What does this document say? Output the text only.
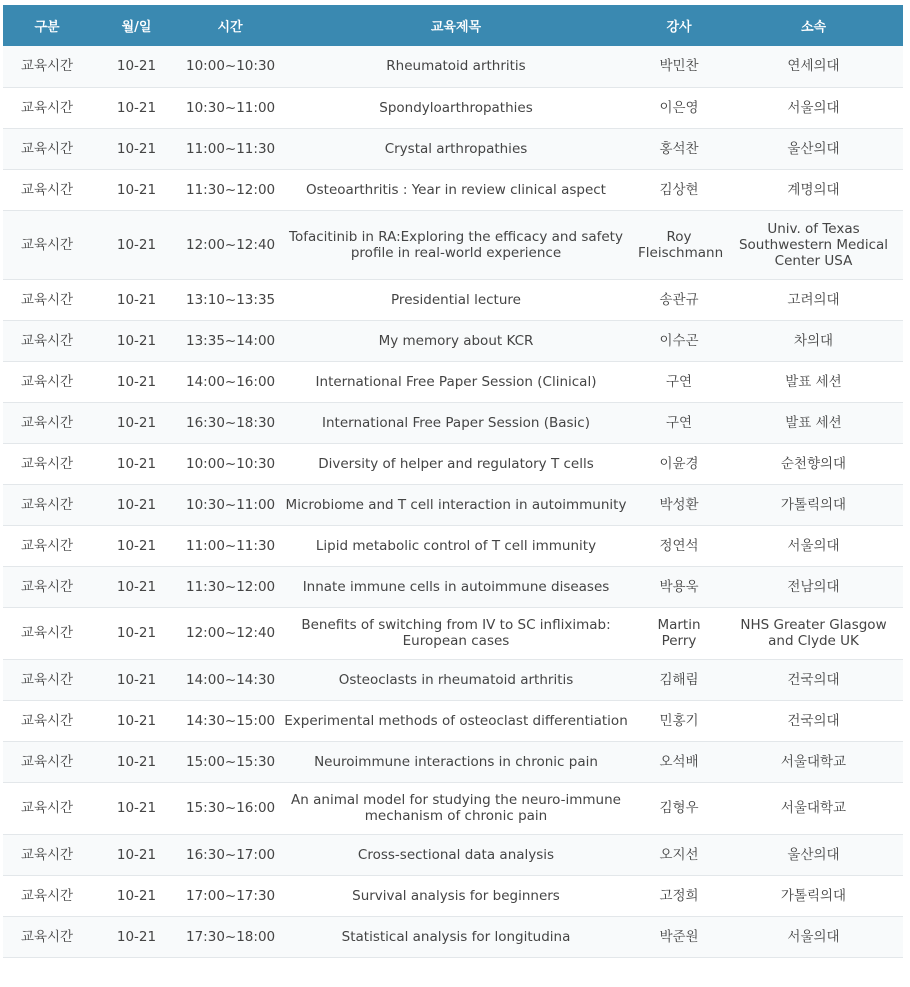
구분	월/일	시간	교육제목	강사	소속
교육시간	10-21	10:00~10:30	Rheumatoid arthritis	박민찬	연세의대
교육시간	10-21	10:30~11:00	Spondyloarthropathies	이은영	서울의대
교육시간	10-21	11:00~11:30	Crystal arthropathies	홍석찬	울산의대
교육시간	10-21	11:30~12:00	Osteoarthritis : Year in review clinical aspect	김상현	계명의대
교육시간	10-21	12:00~12:40	Tofacitinib in RA:Exploring the efficacy and safety profile in real-world experience	Roy Fleischmann	Univ. of Texas Southwestern Medical Center USA
교육시간	10-21	13:10~13:35	Presidential lecture	송관규	고려의대
교육시간	10-21	13:35~14:00	My memory about KCR	이수곤	차의대
교육시간	10-21	14:00~16:00	International Free Paper Session (Clinical)	구연	발표 세션
교육시간	10-21	16:30~18:30	International Free Paper Session (Basic)	구연	발표 세션
교육시간	10-21	10:00~10:30	Diversity of helper and regulatory T cells	이윤경	순천향의대
교육시간	10-21	10:30~11:00	Microbiome and T cell interaction in autoimmunity	박성환	가톨릭의대
교육시간	10-21	11:00~11:30	Lipid metabolic control of T cell immunity	정연석	서울의대
교육시간	10-21	11:30~12:00	Innate immune cells in autoimmune diseases	박용욱	전남의대
교육시간	10-21	12:00~12:40	Benefits of switching from IV to SC infliximab: European cases	Martin Perry	NHS Greater Glasgow and Clyde UK
교육시간	10-21	14:00~14:30	Osteoclasts in rheumatoid arthritis	김해림	건국의대
교육시간	10-21	14:30~15:00	Experimental methods of osteoclast differentiation	민홍기	건국의대
교육시간	10-21	15:00~15:30	Neuroimmune interactions in chronic pain	오석배	서울대학교
교육시간	10-21	15:30~16:00	An animal model for studying the neuro-immune mechanism of chronic pain	김형우	서울대학교
교육시간	10-21	16:30~17:00	Cross-sectional data analysis	오지선	울산의대
교육시간	10-21	17:00~17:30	Survival analysis for beginners	고정희	가톨릭의대
교육시간	10-21	17:30~18:00	Statistical analysis for longitudina	박준원	서울의대
